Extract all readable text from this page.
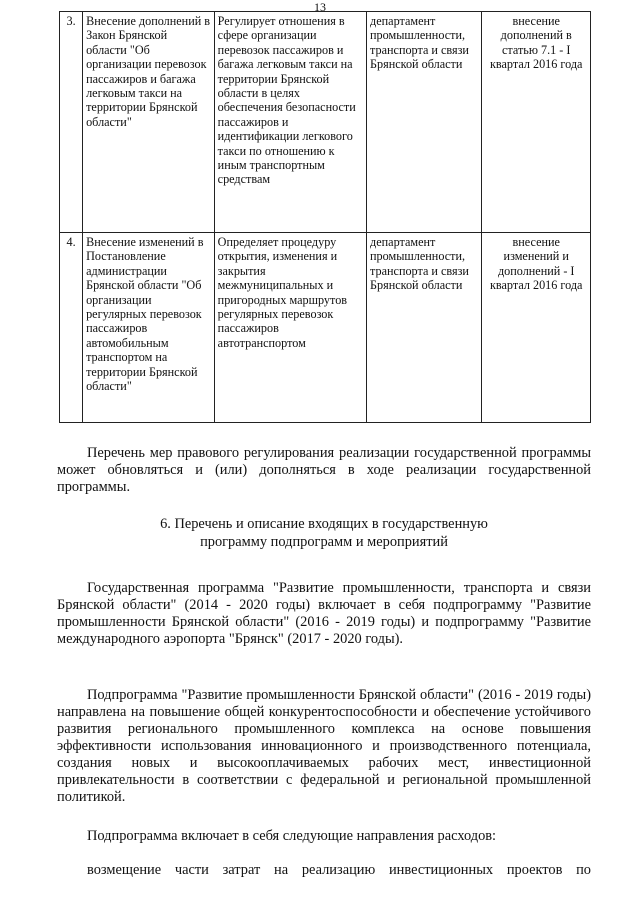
13
3.	Внесение дополнений в Закон Брянской области "Об организации перевозок пассажиров и багажа легковым такси на территории Брянской области"	Регулирует отношения в сфере организации перевозок пассажиров и багажа легковым такси на территории Брянской области в целях обеспечения безопасности пассажиров и идентификации легкового такси по отношению к иным транспортным средствам	департамент промышленности, транспорта и связи Брянской области	внесение дополнений в статью 7.1 - I квартал 2016 года
4.	Внесение изменений в Постановление администрации Брянской области "Об организации регулярных перевозок пассажиров автомобильным транспортом на территории Брянской области"	Определяет процедуру открытия, изменения и закрытия межмуниципальных и пригородных маршрутов регулярных перевозок пассажиров автотранспортом	департамент промышленности, транспорта и связи Брянской области	внесение изменений и дополнений - I квартал 2016 года
Перечень мер правового регулирования реализации государственной программы может обновляться и (или) дополняться в ходе реализации государственной программы.
6. Перечень и описание входящих в государственную
программу подпрограмм и мероприятий
Государственная программа "Развитие промышленности, транспорта и связи Брянской области" (2014 - 2020 годы) включает в себя подпрограмму "Развитие промышленности Брянской области" (2016 - 2019 годы) и подпрограмму "Развитие международного аэропорта "Брянск" (2017 - 2020 годы).
Подпрограмма "Развитие промышленности Брянской области" (2016 - 2019 годы) направлена на повышение общей конкурентоспособности и обеспечение устойчивого развития регионального промышленного комплекса на основе повышения эффективности использования инновационного и производственного потенциала, создания новых и высокооплачиваемых рабочих мест, инвестиционной привлекательности в соответствии с федеральной и региональной промышленной политикой.
Подпрограмма включает в себя следующие направления расходов:
возмещение части затрат на реализацию инвестиционных проектов по
